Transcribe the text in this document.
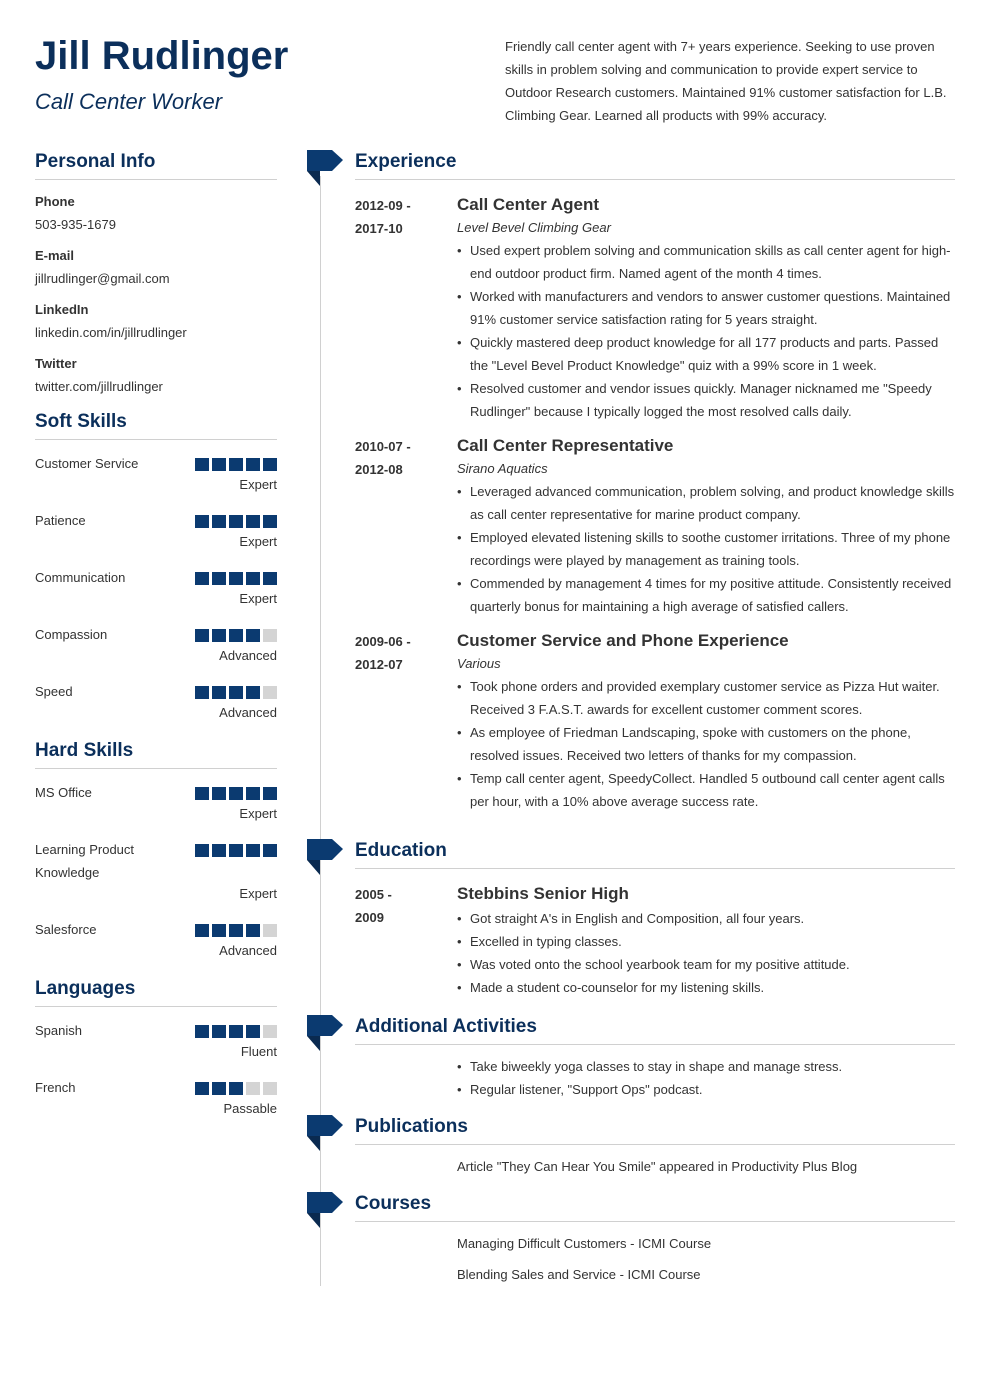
Jill Rudlinger
Call Center Worker
Friendly call center agent with 7+ years experience. Seeking to use proven skills in problem solving and communication to provide expert service to Outdoor Research customers. Maintained 91% customer satisfaction for L.B. Climbing Gear. Learned all products with 99% accuracy.
Personal Info
Phone
503-935-1679
E-mail
jillrudlinger@gmail.com
LinkedIn
linkedin.com/in/jillrudlinger
Twitter
twitter.com/jillrudlinger
Soft Skills
Customer Service
Expert
Patience
Expert
Communication
Expert
Compassion
Advanced
Speed
Advanced
Hard Skills
MS Office
Expert
Learning Product Knowledge
Expert
Salesforce
Advanced
Languages
Spanish
Fluent
French
Passable
Experience
2012-09 -
2017-10
Call Center Agent
Level Bevel Climbing Gear
• Used expert problem solving and communication skills as call center agent for high-end outdoor product firm. Named agent of the month 4 times.
• Worked with manufacturers and vendors to answer customer questions. Maintained 91% customer service satisfaction rating for 5 years straight.
• Quickly mastered deep product knowledge for all 177 products and parts. Passed the "Level Bevel Product Knowledge" quiz with a 99% score in 1 week.
• Resolved customer and vendor issues quickly. Manager nicknamed me "Speedy Rudlinger" because I typically logged the most resolved calls daily.
2010-07 -
2012-08
Call Center Representative
Sirano Aquatics
• Leveraged advanced communication, problem solving, and product knowledge skills as call center representative for marine product company.
• Employed elevated listening skills to soothe customer irritations. Three of my phone recordings were played by management as training tools.
• Commended by management 4 times for my positive attitude. Consistently received quarterly bonus for maintaining a high average of satisfied callers.
2009-06 -
2012-07
Customer Service and Phone Experience
Various
• Took phone orders and provided exemplary customer service as Pizza Hut waiter. Received 3 F.A.S.T. awards for excellent customer comment scores.
• As employee of Friedman Landscaping, spoke with customers on the phone, resolved issues. Received two letters of thanks for my compassion.
• Temp call center agent, SpeedyCollect. Handled 5 outbound call center agent calls per hour, with a 10% above average success rate.
Education
2005 -
2009
Stebbins Senior High
• Got straight A's in English and Composition, all four years.
• Excelled in typing classes.
• Was voted onto the school yearbook team for my positive attitude.
• Made a student co-counselor for my listening skills.
Additional Activities
• Take biweekly yoga classes to stay in shape and manage stress.
• Regular listener, "Support Ops" podcast.
Publications
Article "They Can Hear You Smile" appeared in Productivity Plus Blog
Courses
Managing Difficult Customers - ICMI Course
Blending Sales and Service - ICMI Course
